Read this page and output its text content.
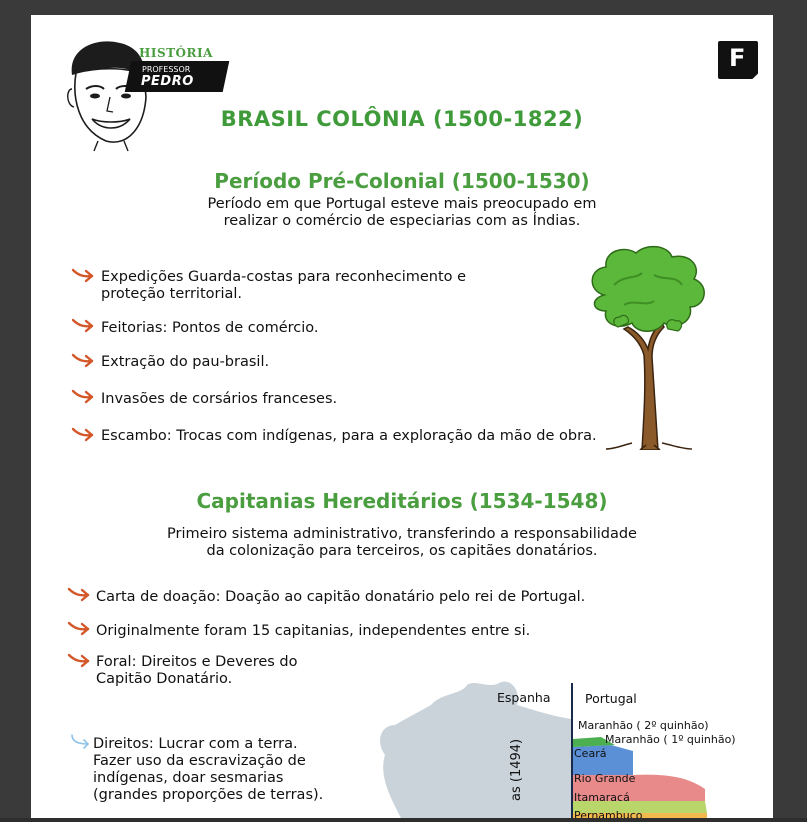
HISTÓRIA
PROFESSOR
PEDRO
F
BRASIL COLÔNIA (1500-1822)
Período Pré-Colonial (1500-1530)
Período em que Portugal esteve mais preocupado em
realizar o comércio de especiarias com as Índias.
Expedições Guarda-costas para reconhecimento e
proteção territorial.
Feitorias: Pontos de comércio.
Extração do pau-brasil.
Invasões de corsários franceses.
Escambo: Trocas com indígenas, para a exploração da mão de obra.
Capitanias Hereditários (1534-1548)
Primeiro sistema administrativo, transferindo a responsabilidade
da colonização para terceiros, os capitães donatários.
Carta de doação: Doação ao capitão donatário pelo rei de Portugal.
Originalmente foram 15 capitanias, independentes entre si.
Foral: Direitos e Deveres do
Capitão Donatário.
Direitos: Lucrar com a terra.
Fazer uso da escravização de
indígenas, doar sesmarias
(grandes proporções de terras).
Espanha	Portugal
Maranhão ( 2º quinhão)
Maranhão ( 1º quinhão)
Ceará
Rio Grande
Itamaracá
Pernambuco
as (1494)
